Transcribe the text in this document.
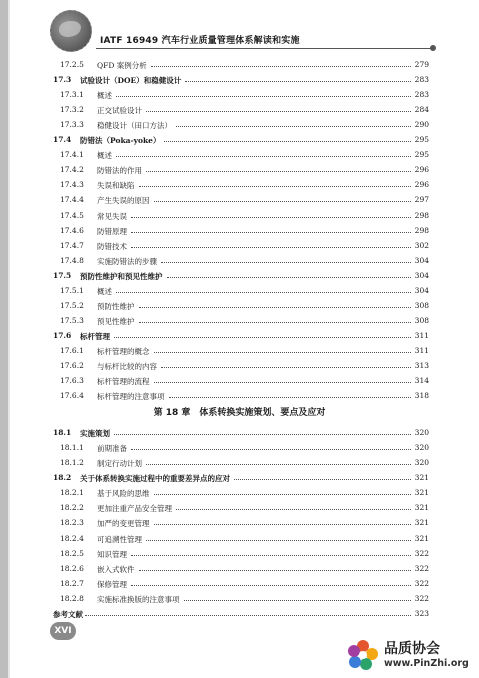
IATF 16949 汽车行业质量管理体系解读和实施
17.2.5 QFD 案例分析	279
17.3 试验设计（DOE）和稳健设计	283
17.3.1 概述	283
17.3.2 正交试验设计	284
17.3.3 稳健设计（田口方法）	290
17.4 防错法（Poka-yoke）	295
17.4.1 概述	295
17.4.2 防错法的作用	296
17.4.3 失误和缺陷	296
17.4.4 产生失误的原因	297
17.4.5 常见失误	298
17.4.6 防错原理	298
17.4.7 防错技术	302
17.4.8 实施防错法的步骤	304
17.5 预防性维护和预见性维护	304
17.5.1 概述	304
17.5.2 预防性维护	308
17.5.3 预见性维护	308
17.6 标杆管理	311
17.6.1 标杆管理的概念	311
17.6.2 与标杆比较的内容	313
17.6.3 标杆管理的流程	314
17.6.4 标杆管理的注意事项	318
第 18 章　体系转换实施策划、要点及应对
18.1 实施策划	320
18.1.1 前期准备	320
18.1.2 制定行动计划	320
18.2 关于体系转换实施过程中的重要差异点的应对	321
18.2.1 基于风险的思维	321
18.2.2 更加注重产品安全管理	321
18.2.3 加严的变更管理	321
18.2.4 可追溯性管理	321
18.2.5 知识管理	322
18.2.6 嵌入式软件	322
18.2.7 保修管理	322
18.2.8 实施标准换版的注意事项	322
参考文献	323
XVI
品质协会
www.PinZhi.org
